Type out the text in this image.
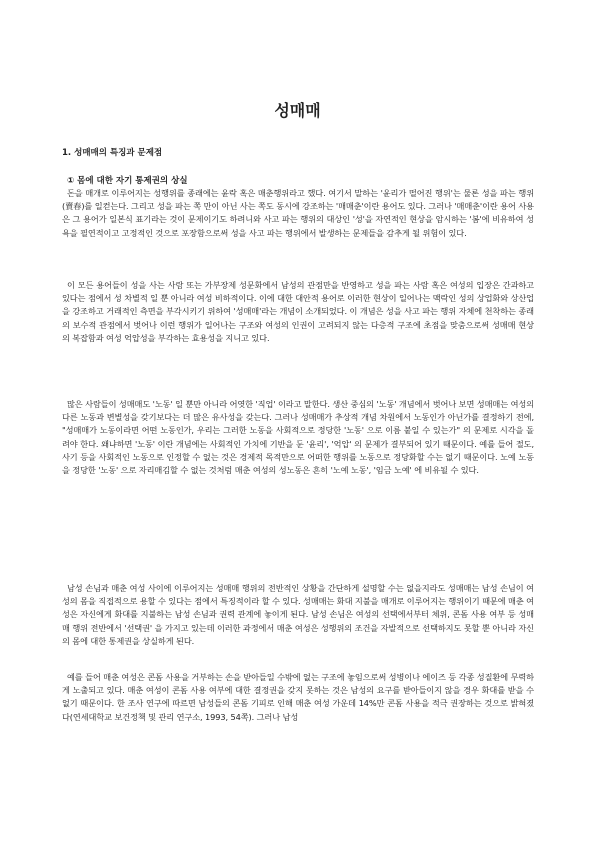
성매매
1. 성매매의 특징과 문제점
① 몸에 대한 자기 통제권의 상실

돈을 매개로 이루어지는 성행위를 종래에는 윤락 혹은 매춘행위라고 했다. 여기서 말하는 '윤리가 떨어진 행위'는 물론 성을 파는 행위(賣春)를 일컫는다. 그리고 성을 파는 쪽 만이 아닌 사는 쪽도 동시에 강조하는 '매매춘'이란 용어도 있다. 그러나 '매매춘'이란 용어 사용은 그 용어가 일본식 표기라는 것이 문제이기도 하려니와 사고 파는 행위의 대상인 '성'을 자연적인 현상을 암시하는 '봄'에 비유하여 성욕을 필연적이고 고정적인 것으로 포장함으로써 성을 사고 파는 행위에서 발생하는 문제들을 감추게 될 위험이 있다.

이 모든 용어들이 성을 사는 사람 또는 가부장제 성문화에서 남성의 관점만을 반영하고 성을 파는 사람 혹은 여성의 입장은 간과하고 있다는 점에서 성 차별적 일 뿐 아니라 여성 비하적이다. 이에 대한 대안적 용어로 이러한 현상이 일어나는 맥락인 성의 상업화와 상산업을 강조하고 거래적인 측면을 부각시키기 위하여 '성매매'라는 개념이 소개되었다. 이 개념은 성을 사고 파는 행위 자체에 천착하는 종래의 보수적 관점에서 벗어나 이런 행위가 일어나는 구조와 여성의 인권이 고려되지 않는 다층적 구조에 초점을 맞춤으로써 성매매 현상의 복잡함과 여성 억압성을 부각하는 효용성을 지니고 있다.

많은 사람들이 성매매도 '노동' 일 뿐만 아니라 어엿한 '직업' 이라고 말한다. 생산 중심의 '노동' 개념에서 벗어나 보면 성매매는 여성의 다른 노동과 변별성을 갖기보다는 더 많은 유사성을 갖는다. 그러나 성매매가 추상적 개념 차원에서 노동인가 아닌가를 결정하기 전에, "성매매가 노동이라면 어떤 노동인가, 우리는 그러한 노동을 사회적으로 정당한 '노동' 으로 이름 붙일 수 있는가" 의 문제로 시각을 돌려야 한다. 왜냐하면 '노동' 이란 개념에는 사회적인 가치에 기반을 둔 '윤리', '억압' 의 문제가 결부되어 있기 때문이다. 예를 들어 절도, 사기 등을 사회적인 노동으로 인정할 수 없는 것은 경제적 목적만으로 어떠한 행위를 노동으로 정당화할 수는 없기 때문이다. 노예 노동을 정당한 '노동' 으로 자리매김할 수 없는 것처럼 매춘 여성의 성노동은 흔히 '노예 노동', '임금 노예' 에 비유될 수 있다.

남성 손님과 매춘 여성 사이에 이루어지는 성매매 행위의 전반적인 상황을 간단하게 설명할 수는 없을지라도 성매매는 남성 손님이 여성의 몸을 직접적으로 용할 수 있다는 점에서 특징적이라 할 수 있다. 성매매는 화대 지불을 매개로 이루어지는 행위이기 때문에 매춘 여성은 자신에게 화대를 지불하는 남성 손님과 권력 관계에 놓이게 된다. 남성 손님은 여성의 선택에서부터 체위, 콘돔 사용 여부 등 성매매 행위 전반에서 '선택권' 을 가지고 있는데 이러한 과정에서 매춘 여성은 성행위의 조건을 자발적으로 선택하지도 못할 뿐 아니라 자신의 몸에 대한 통제권을 상실하게 된다.

예를 들어 매춘 여성은 콘돔 사용을 거부하는 손을 받아들일 수밖에 없는 구조에 놓임으로써 성병이나 에이즈 등 각종 성질환에 무력하게 노출되고 있다. 매춘 여성이 콘돔 사용 여부에 대한 결정권을 갖지 못하는 것은 남성의 요구를 받아들이지 않을 경우 화대를 받을 수 없기 때문이다. 한 조사 연구에 따르면 남성들의 콘돔 기피로 인해 매춘 여성 가운데 14%만 콘돔 사용을 적극 권장하는 것으로 밝혀졌다(연세대학교 보건정책 및 관리 연구소, 1993, 54쪽). 그러나 남성
